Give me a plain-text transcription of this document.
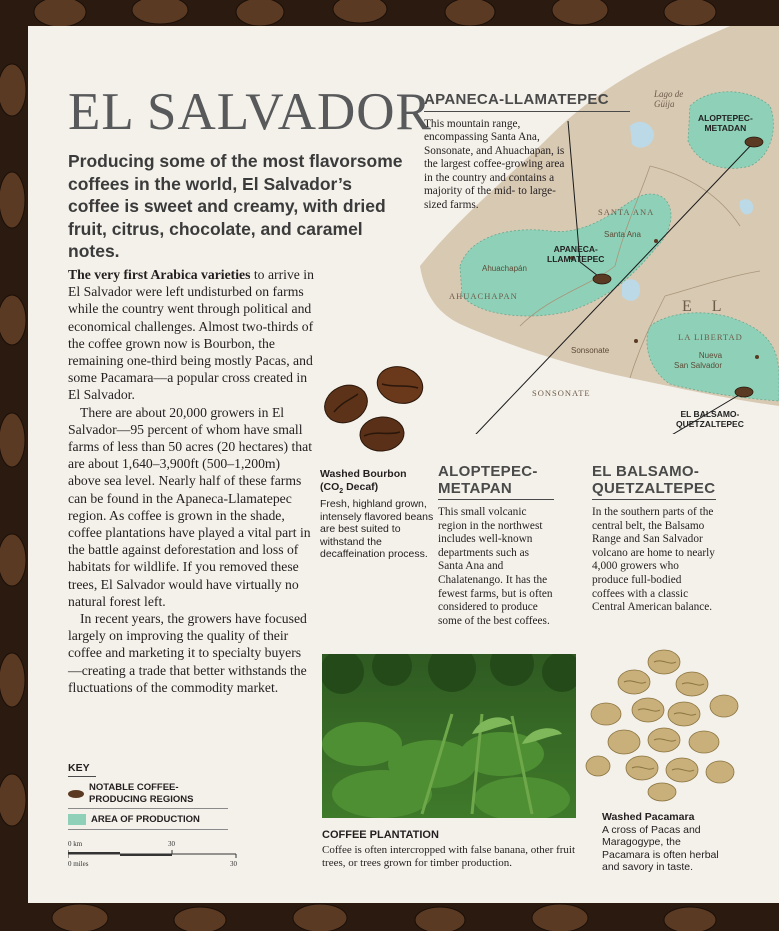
Lago de Güija
ALOPTEPEC-
METADAN
APANECA-
LLAMATEPEC
EL BALSAMO-
QUETZALTEPEC
SANTA ANA
AHUACHAPAN
SONSONATE
LA LIBERTAD
E L
Santa Ana
Ahuachapán
Sonsonate
Nueva
San Salvador
EL SALVADOR

Producing some of the most flavorsome coffees in the world, El Salvador’s coffee is sweet and creamy, with dried fruit, citrus, chocolate, and caramel notes.

The very first Arabica varieties to arrive in El Salvador were left undisturbed on farms while the country went through political and economical challenges. Almost two-thirds of the coffee grown now is Bourbon, the remaining one-third being mostly Pacas, and some Pacamara—a popular cross created in El Salvador.

There are about 20,000 growers in El Salvador—95 percent of whom have small farms of less than 50 acres (20 hectares) that are about 1,640–3,900ft (500–1,200m) above sea level. Nearly half of these farms can be found in the Apaneca-Llamatepec region. As coffee is grown in the shade, coffee plantations have played a vital part in the battle against deforestation and loss of habitats for wildlife. If you removed these trees, El Salvador would have virtually no natural forest left.

In recent years, the growers have focused largely on improving the quality of their coffee and marketing it to specialty buyers—creating a trade that better withstands the fluctuations of the commodity market.

APANECA-LLAMATEPEC
This mountain range, encompassing Santa Ana, Sonsonate, and Ahuachapan, is the largest coffee-growing area in the country and contains a majority of the mid- to large-sized farms.
ALOPTEPEC-METAPAN
This small volcanic region in the northwest includes well-known departments such as Santa Ana and Chalatenango. It has the fewest farms, but is often considered to produce some of the best coffees.
EL BALSAMO-QUETZALTEPEC
In the southern parts of the central belt, the Balsamo Range and San Salvador volcano are home to nearly 4,000 growers who produce full-bodied coffees with a classic Central American balance.
Washed Bourbon
($CO_2$ Decaf)
Fresh, highland grown, intensely flavored beans are best suited to withstand the decaffeination process.
COFFEE PLANTATION
Coffee is often intercropped with false banana, other fruit trees, or trees grown for timber production.
Washed Pacamara
A cross of Pacas and Maragogype, the Pacamara is often herbal and savory in taste.
KEY
NOTABLE COFFEE-PRODUCING REGIONS
AREA OF PRODUCTION
0 km	30
0 miles	30
